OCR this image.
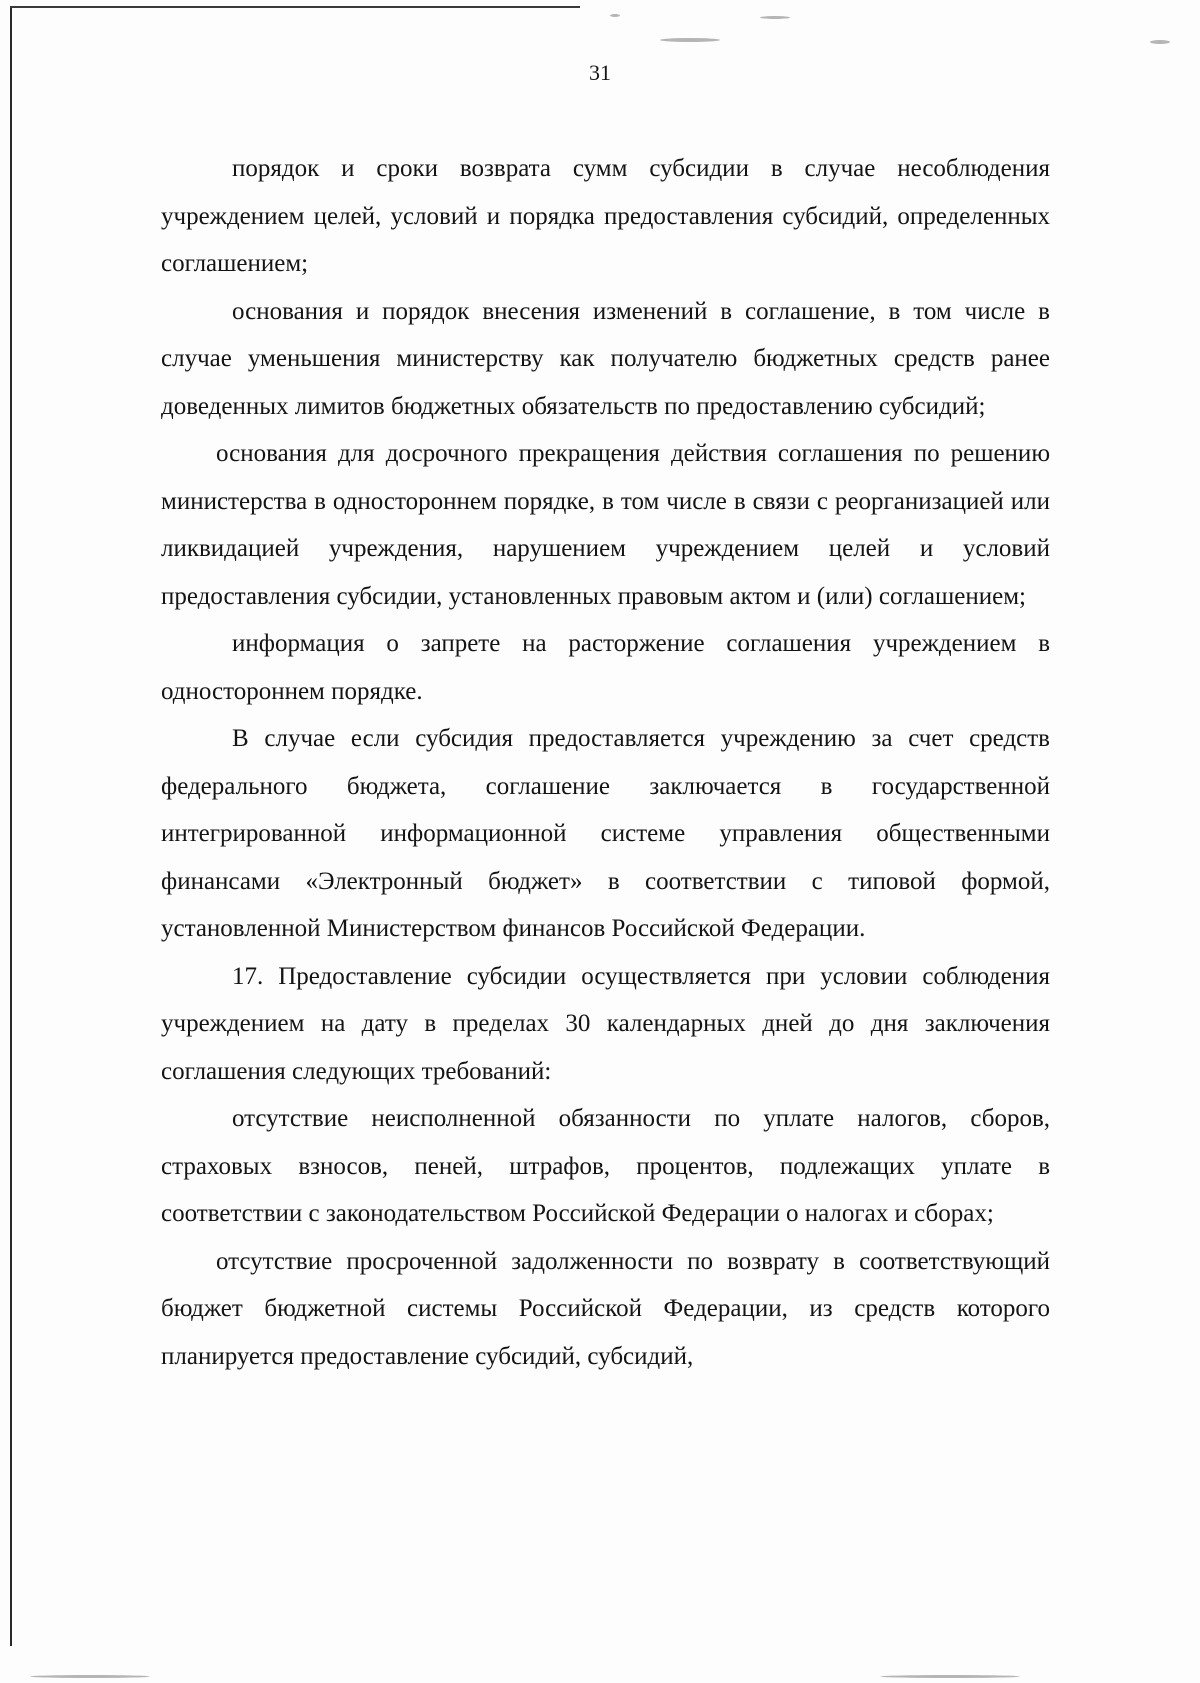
31

порядок и сроки возврата сумм субсидии в случае несоблюдения учреждением целей, условий и порядка предоставления субсидий, определенных соглашением;

основания и порядок внесения изменений в соглашение, в том числе в случае уменьшения министерству как получателю бюджетных средств ранее доведенных лимитов бюджетных обязательств по предоставлению субсидий;

основания для досрочного прекращения действия соглашения по решению министерства в одностороннем порядке, в том числе в связи с реорганизацией или ликвидацией учреждения, нарушением учреждением целей и условий предоставления субсидии, установленных правовым актом и (или) соглашением;

информация о запрете на расторжение соглашения учреждением в одностороннем порядке.

В случае если субсидия предоставляется учреждению за счет средств федерального бюджета, соглашение заключается в государственной интегрированной информационной системе управления общественными финансами «Электронный бюджет» в соответствии с типовой формой, установленной Министерством финансов Российской Федерации.

17. Предоставление субсидии осуществляется при условии соблюдения учреждением на дату в пределах 30 календарных дней до дня заключения соглашения следующих требований:

отсутствие неисполненной обязанности по уплате налогов, сборов, страховых взносов, пеней, штрафов, процентов, подлежащих уплате в соответствии с законодательством Российской Федерации о налогах и сборах;

отсутствие просроченной задолженности по возврату в соответствующий бюджет бюджетной системы Российской Федерации, из средств которого планируется предоставление субсидий, субсидий,
